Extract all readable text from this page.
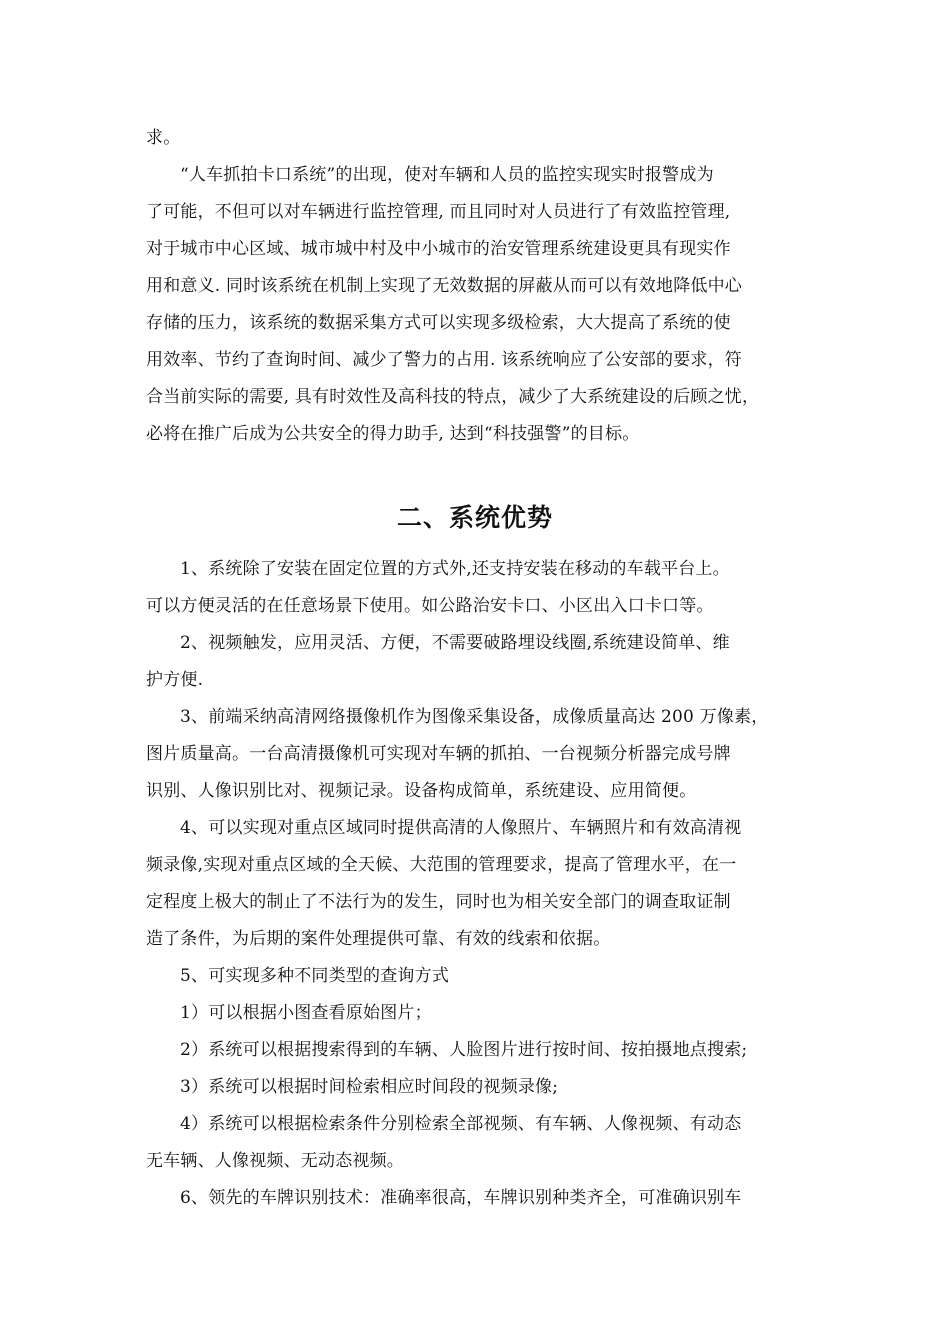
求。
“人车抓拍卡口系统”的出现，使对车辆和人员的监控实现实时报警成为
了可能，不但可以对车辆进行监控管理, 而且同时对人员进行了有效监控管理,
对于城市中心区域、城市城中村及中小城市的治安管理系统建设更具有现实作
用和意义. 同时该系统在机制上实现了无效数据的屏蔽从而可以有效地降低中心
存储的压力，该系统的数据采集方式可以实现多级检索，大大提高了系统的使
用效率、节约了查询时间、减少了警力的占用. 该系统响应了公安部的要求，符
合当前实际的需要, 具有时效性及高科技的特点，减少了大系统建设的后顾之忧，
必将在推广后成为公共安全的得力助手, 达到“科技强警”的目标。
二、系统优势
1、系统除了安装在固定位置的方式外,还支持安装在移动的车载平台上。
可以方便灵活的在任意场景下使用。如公路治安卡口、小区出入口卡口等。
2、视频触发，应用灵活、方便，不需要破路埋设线圈,系统建设简单、维
护方便.
3、前端采纳高清网络摄像机作为图像采集设备，成像质量高达 200 万像素，
图片质量高。一台高清摄像机可实现对车辆的抓拍、一台视频分析器完成号牌
识别、人像识别比对、视频记录。设备构成简单，系统建设、应用简便。
4、可以实现对重点区域同时提供高清的人像照片、车辆照片和有效高清视
频录像,实现对重点区域的全天候、大范围的管理要求，提高了管理水平，在一
定程度上极大的制止了不法行为的发生，同时也为相关安全部门的调查取证制
造了条件，为后期的案件处理提供可靠、有效的线索和依据。
5、可实现多种不同类型的查询方式
1）可以根据小图查看原始图片；
2）系统可以根据搜索得到的车辆、人脸图片进行按时间、按拍摄地点搜索;
3）系统可以根据时间检索相应时间段的视频录像;
4）系统可以根据检索条件分别检索全部视频、有车辆、人像视频、有动态
无车辆、人像视频、无动态视频。
6、领先的车牌识别技术：准确率很高，车牌识别种类齐全，可准确识别车
